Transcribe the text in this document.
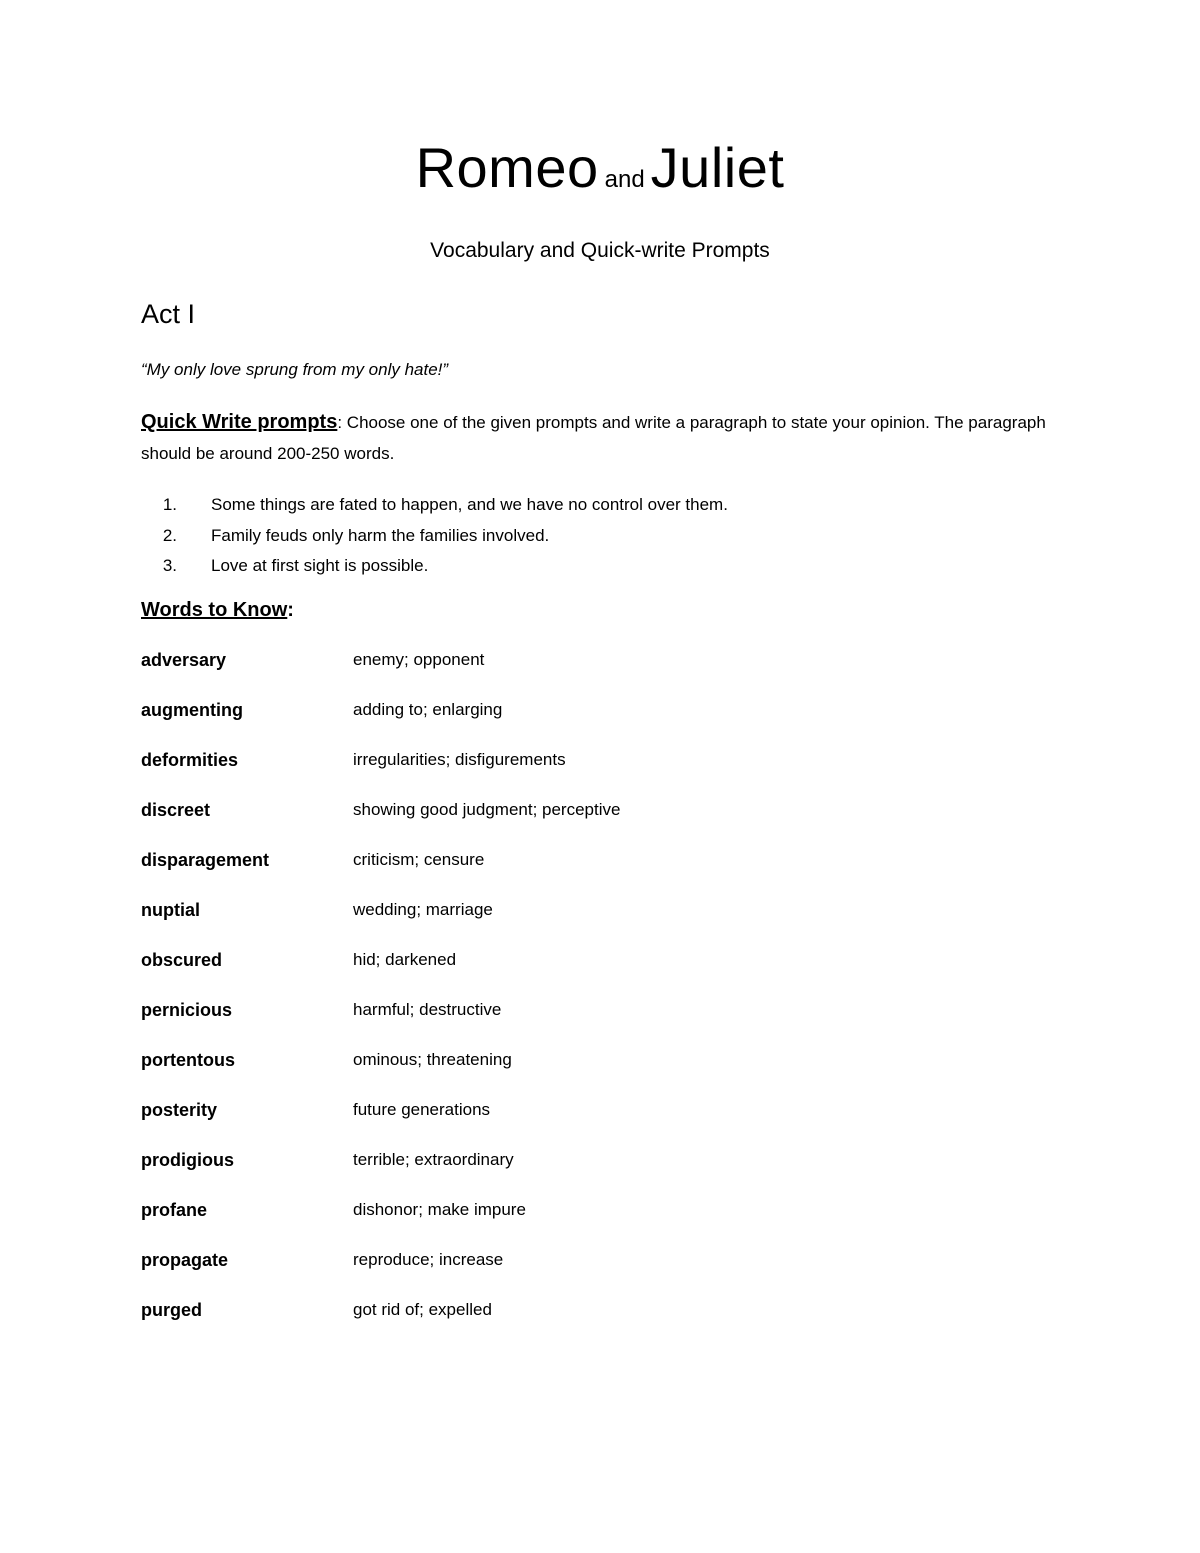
Romeo and Juliet
Vocabulary and Quick-write Prompts
Act I
“My only love sprung from my only hate!”
Quick Write prompts: Choose one of the given prompts and write a paragraph to state your opinion. The paragraph should be around 200-250 words.
1. Some things are fated to happen, and we have no control over them.
2. Family feuds only harm the families involved.
3. Love at first sight is possible.
Words to Know:
adversary	enemy; opponent
augmenting	adding to; enlarging
deformities	irregularities; disfigurements
discreet	showing good judgment; perceptive
disparagement	criticism; censure
nuptial	wedding; marriage
obscured	hid; darkened
pernicious	harmful; destructive
portentous	ominous; threatening
posterity	future generations
prodigious	terrible; extraordinary
profane	dishonor; make impure
propagate	reproduce; increase
purged	got rid of; expelled
